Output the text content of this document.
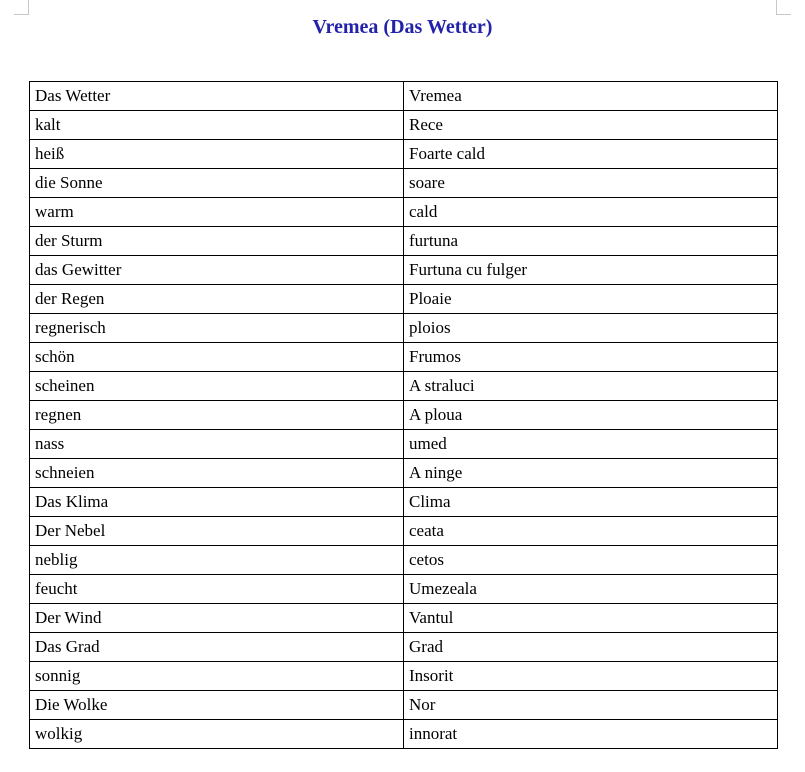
Vremea (Das Wetter)
Das Wetter	Vremea
kalt	Rece
heiß	Foarte cald
die Sonne	soare
warm	cald
der Sturm	furtuna
das Gewitter	Furtuna cu fulger
der Regen	Ploaie
regnerisch	ploios
schön	Frumos
scheinen	A straluci
regnen	A ploua
nass	umed
schneien	A ninge
Das Klima	Clima
Der Nebel	ceata
neblig	cetos
feucht	Umezeala
Der Wind	Vantul
Das Grad	Grad
sonnig	Insorit
Die Wolke	Nor
wolkig	innorat
